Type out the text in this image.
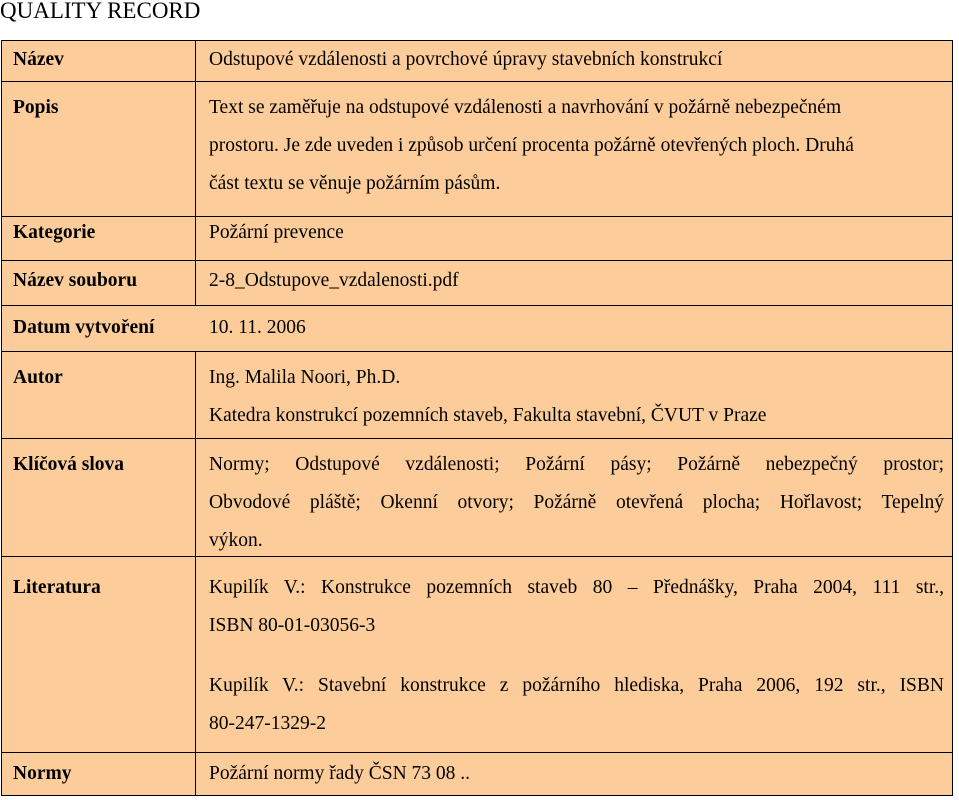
QUALITY RECORD
Název	Odstupové vzdálenosti a povrchové úpravy stavebních konstrukcí
Popis	Text se zaměřuje na odstupové vzdálenosti a navrhování v požárně nebezpečném
prostoru. Je zde uveden i způsob určení procenta požárně otevřených ploch. Druhá
část textu se věnuje požárním pásům.
Kategorie	Požární prevence
Název souboru	2-8_Odstupove_vzdalenosti.pdf
Datum vytvoření	10. 11. 2006
Autor	Ing. Malila Noori, Ph.D.
Katedra konstrukcí pozemních staveb, Fakulta stavební, ČVUT v Praze
Klíčová slova	Normy; Odstupové vzdálenosti; Požární pásy; Požárně nebezpečný prostor;
Obvodové pláště; Okenní otvory; Požárně otevřená plocha; Hořlavost; Tepelný
výkon.
Literatura	Kupilík V.: Konstrukce pozemních staveb 80 – Přednášky, Praha 2004, 111 str.,
ISBN 80-01-03056-3
Kupilík V.: Stavební konstrukce z požárního hlediska, Praha 2006, 192 str., ISBN
80-247-1329-2
Normy	Požární normy řady ČSN 73 08 ..
